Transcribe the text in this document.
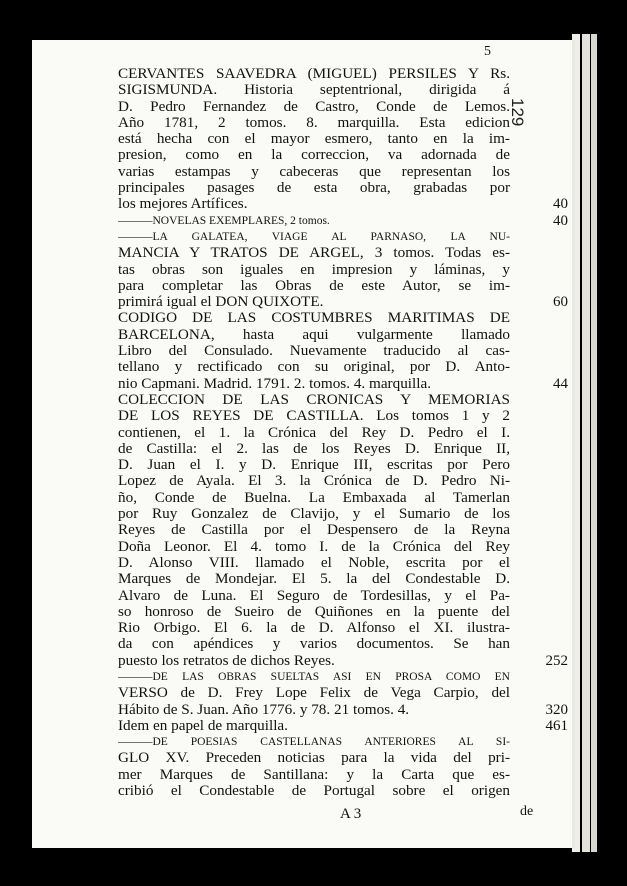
5
129
CERVANTES SAAVEDRA (MIGUEL) PERSILES Y Rs.
SIGISMUNDA. Historia septentrional, dirigida á
D. Pedro Fernandez de Castro, Conde de Lemos.
Año 1781, 2 tomos. 8. marquilla. Esta edicion
está hecha con el mayor esmero, tanto en la im-
presion, como en la correccion, va adornada de
varias estampas y cabeceras que representan los
principales pasages de esta obra, grabadas por
los mejores Artífices.
———NOVELAS EXEMPLARES, 2 tomos.
———LA GALATEA, VIAGE AL PARNASO, LA NU-
MANCIA Y TRATOS DE ARGEL, 3 tomos. Todas es-
tas obras son iguales en impresion y láminas, y
para completar las Obras de este Autor, se im-
primirá igual el DON QUIXOTE.
CODIGO DE LAS COSTUMBRES MARITIMAS DE
BARCELONA, hasta aqui vulgarmente llamado
Libro del Consulado. Nuevamente traducido al cas-
tellano y rectificado con su original, por D. Anto-
nio Capmani. Madrid. 1791. 2. tomos. 4. marquilla.
COLECCION DE LAS CRONICAS Y MEMORIAS
DE LOS REYES DE CASTILLA. Los tomos 1 y 2
contienen, el 1. la Crónica del Rey D. Pedro el I.
de Castilla: el 2. las de los Reyes D. Enrique II,
D. Juan el I. y D. Enrique III, escritas por Pero
Lopez de Ayala. El 3. la Crónica de D. Pedro Ni-
ño, Conde de Buelna. La Embaxada al Tamerlan
por Ruy Gonzalez de Clavijo, y el Sumario de los
Reyes de Castilla por el Despensero de la Reyna
Doña Leonor. El 4. tomo I. de la Crónica del Rey
D. Alonso VIII. llamado el Noble, escrita por el
Marques de Mondejar. El 5. la del Condestable D.
Alvaro de Luna. El Seguro de Tordesillas, y el Pa-
so honroso de Sueiro de Quiñones en la puente del
Rio Orbigo. El 6. la de D. Alfonso el XI. ilustra-
da con apéndices y varios documentos. Se han
puesto los retratos de dichos Reyes.
———DE LAS OBRAS SUELTAS ASI EN PROSA COMO EN
VERSO de D. Frey Lope Felix de Vega Carpio, del
Hábito de S. Juan. Año 1776. y 78. 21 tomos. 4.
Idem en papel de marquilla.
———DE POESIAS CASTELLANAS ANTERIORES AL SI-
GLO XV. Preceden noticias para la vida del pri-
mer Marques de Santillana: y la Carta que es-
cribió el Condestable de Portugal sobre el origen
40
40
60
44
252
320
461
A 3	de
